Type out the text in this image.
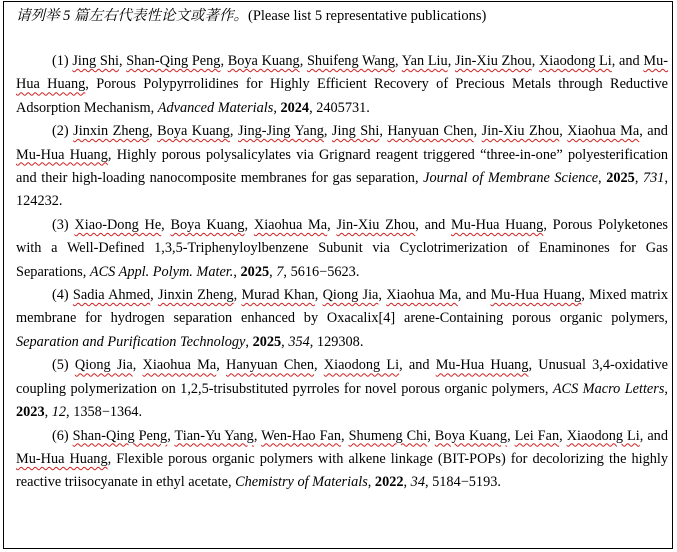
请列举 5 篇左右代表性论文或著作。(Please list 5 representative publications)

(1) Jing Shi, Shan-Qing Peng, Boya Kuang, Shuifeng Wang, Yan Liu, Jin-Xiu Zhou, Xiaodong Li, and Mu-Hua Huang, Porous Polypyrrolidines for Highly Efficient Recovery of Precious Metals through Reductive Adsorption Mechanism, Advanced Materials, 2024, 2405731.

(2) Jinxin Zheng, Boya Kuang, Jing-Jing Yang, Jing Shi, Hanyuan Chen, Jin-Xiu Zhou, Xiaohua Ma, and Mu-Hua Huang, Highly porous polysalicylates via Grignard reagent triggered “three-in-one” polyesterification and their high-loading nanocomposite membranes for gas separation, Journal of Membrane Science, 2025, 731, 124232.

(3) Xiao-Dong He, Boya Kuang, Xiaohua Ma, Jin-Xiu Zhou, and Mu-Hua Huang, Porous Polyketones with a Well-Defined 1,3,5-Triphenyloylbenzene Subunit via Cyclotrimerization of Enaminones for Gas Separations, ACS Appl. Polym. Mater., 2025, 7, 5616−5623.

(4) Sadia Ahmed, Jinxin Zheng, Murad Khan, Qiong Jia, Xiaohua Ma, and Mu-Hua Huang, Mixed matrix membrane for hydrogen separation enhanced by Oxacalix[4] arene-Containing porous organic polymers, Separation and Purification Technology, 2025, 354, 129308.

(5) Qiong Jia, Xiaohua Ma, Hanyuan Chen, Xiaodong Li, and Mu-Hua Huang, Unusual 3,4-oxidative coupling polymerization on 1,2,5-trisubstituted pyrroles for novel porous organic polymers, ACS Macro Letters, 2023, 12, 1358−1364.

(6) Shan-Qing Peng, Tian-Yu Yang, Wen-Hao Fan, Shumeng Chi, Boya Kuang, Lei Fan, Xiaodong Li, and Mu-Hua Huang, Flexible porous organic polymers with alkene linkage (BIT-POPs) for decolorizing the highly reactive triisocyanate in ethyl acetate, Chemistry of Materials, 2022, 34, 5184−5193.
